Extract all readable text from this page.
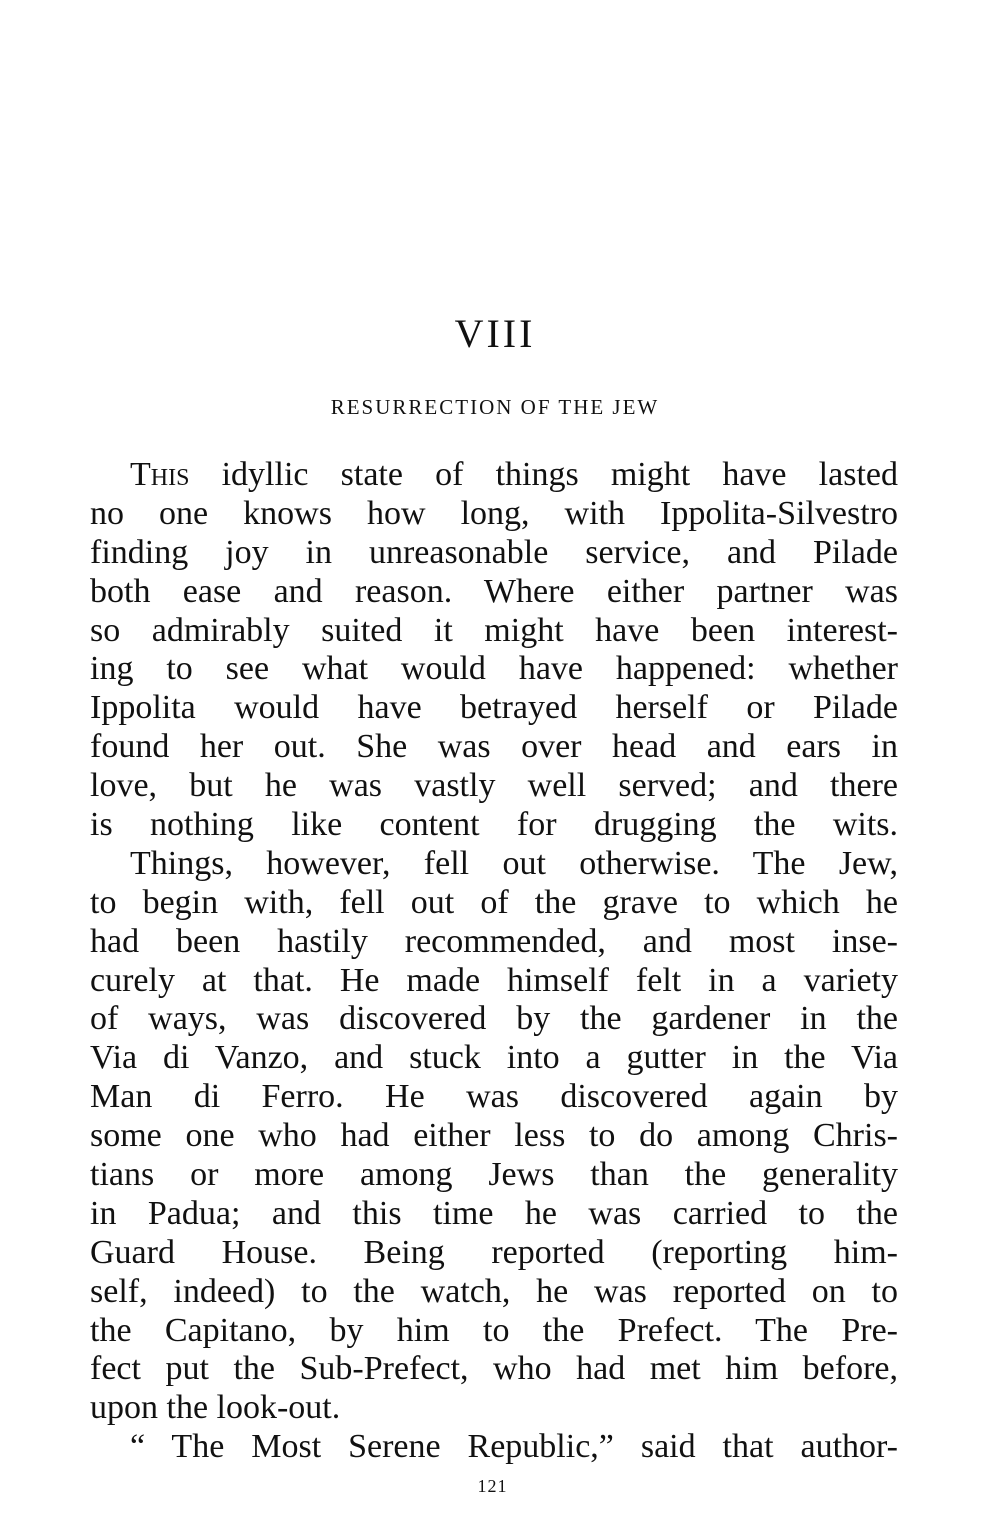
VIII
RESURRECTION OF THE JEW
This idyllic state of things might have lasted
no one knows how long, with Ippolita-Silvestro
finding joy in unreasonable service, and Pilade
both ease and reason. Where either partner was
so admirably suited it might have been interest-
ing to see what would have happened: whether
Ippolita would have betrayed herself or Pilade
found her out. She was over head and ears in
love, but he was vastly well served; and there
is nothing like content for drugging the wits.
Things, however, fell out otherwise. The Jew,
to begin with, fell out of the grave to which he
had been hastily recommended, and most inse-
curely at that. He made himself felt in a variety
of ways, was discovered by the gardener in the
Via di Vanzo, and stuck into a gutter in the Via
Man di Ferro. He was discovered again by
some one who had either less to do among Chris-
tians or more among Jews than the generality
in Padua; and this time he was carried to the
Guard House. Being reported (reporting him-
self, indeed) to the watch, he was reported on to
the Capitano, by him to the Prefect. The Pre-
fect put the Sub-Prefect, who had met him before,
upon the look-out.
“ The Most Serene Republic,” said that author-
121
